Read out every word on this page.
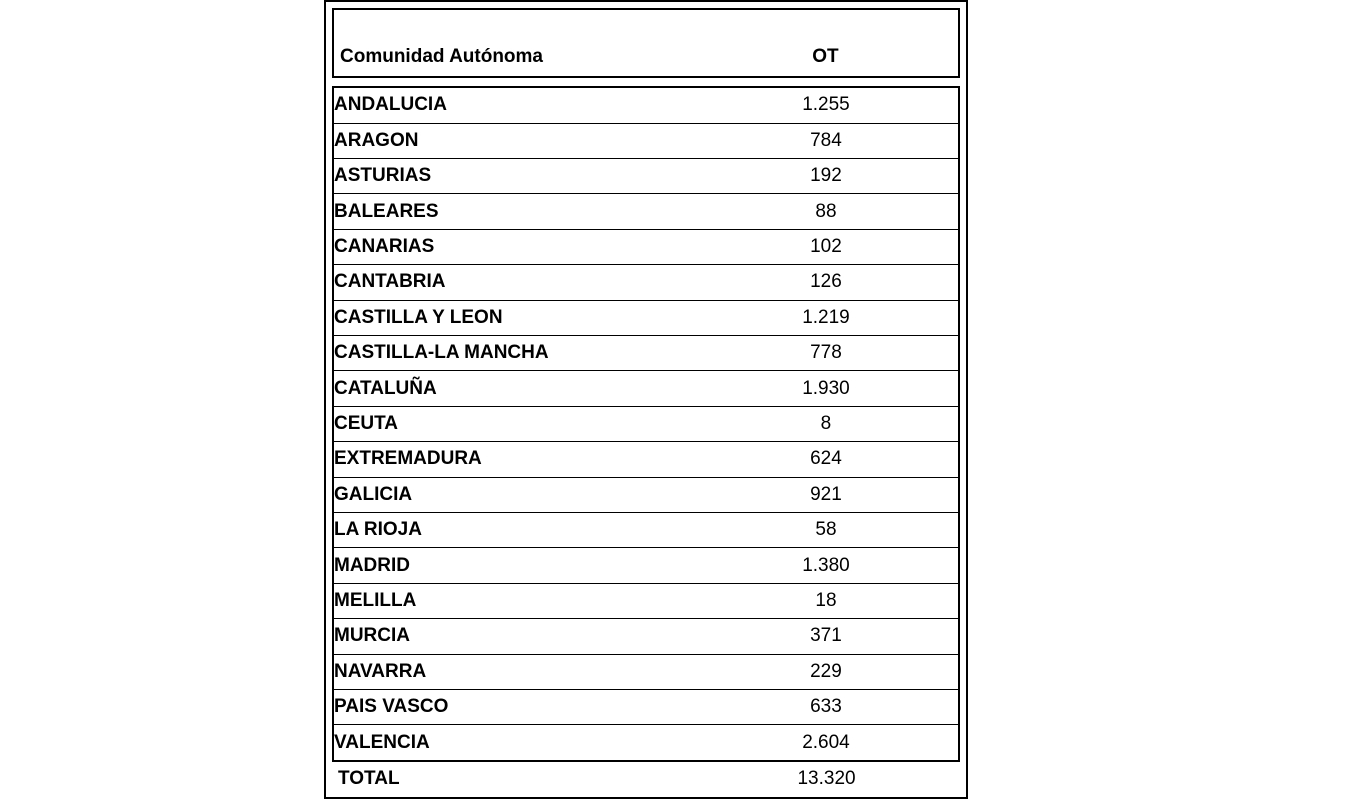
Comunidad Autónoma	OT
ANDALUCIA	1.255
ARAGON	784
ASTURIAS	192
BALEARES	88
CANARIAS	102
CANTABRIA	126
CASTILLA Y LEON	1.219
CASTILLA-LA MANCHA	778
CATALUÑA	1.930
CEUTA	8
EXTREMADURA	624
GALICIA	921
LA RIOJA	58
MADRID	1.380
MELILLA	18
MURCIA	371
NAVARRA	229
PAIS VASCO	633
VALENCIA	2.604
TOTAL	13.320
